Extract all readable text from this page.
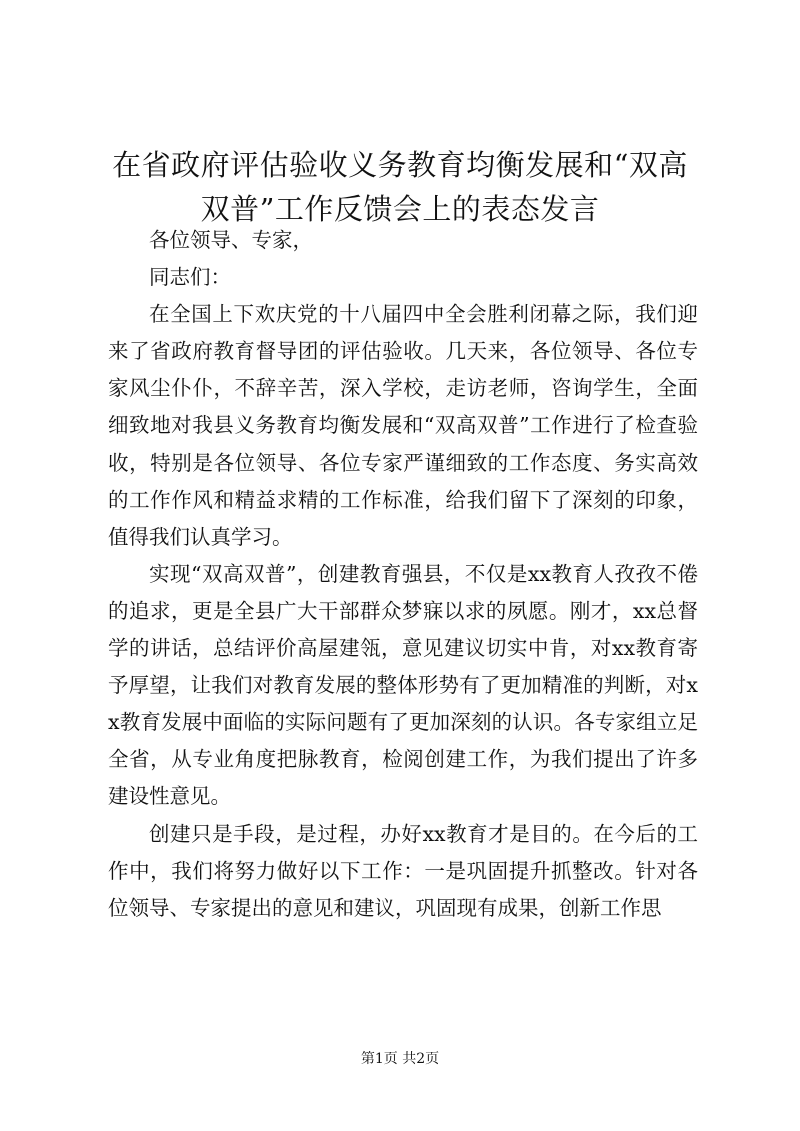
在省政府评估验收义务教育均衡发展和“双高双普”工作反馈会上的表态发言

各位领导、专家，

同志们：

在全国上下欢庆党的十八届四中全会胜利闭幕之际，我们迎来了省政府教育督导团的评估验收。几天来，各位领导、各位专家风尘仆仆，不辞辛苦，深入学校，走访老师，咨询学生，全面细致地对我县义务教育均衡发展和“双高双普”工作进行了检查验收，特别是各位领导、各位专家严谨细致的工作态度、务实高效的工作作风和精益求精的工作标准，给我们留下了深刻的印象，值得我们认真学习。

实现“双高双普”，创建教育强县，不仅是xx教育人孜孜不倦的追求，更是全县广大干部群众梦寐以求的夙愿。刚才，xx总督学的讲话，总结评价高屋建瓴，意见建议切实中肯，对xx教育寄予厚望，让我们对教育发展的整体形势有了更加精准的判断，对xx教育发展中面临的实际问题有了更加深刻的认识。各专家组立足全省，从专业角度把脉教育，检阅创建工作，为我们提出了许多建设性意见。

创建只是手段，是过程，办好xx教育才是目的。在今后的工作中，我们将努力做好以下工作：一是巩固提升抓整改。针对各位领导、专家提出的意见和建议，巩固现有成果，创新工作思

第1页 共2页
